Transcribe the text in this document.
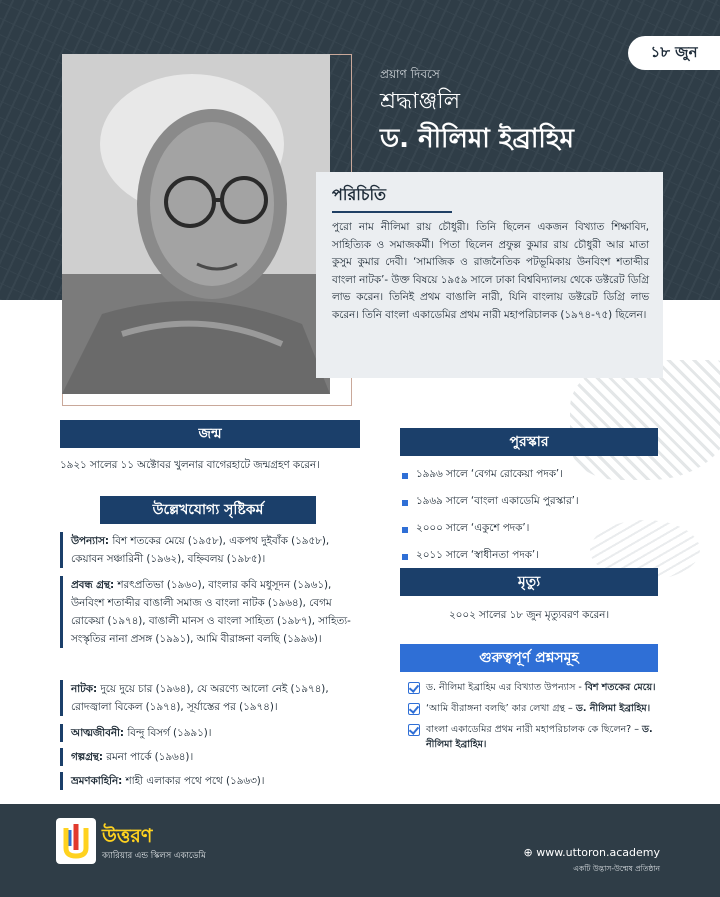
১৮ জুন
প্রয়াণ দিবসে
শ্রদ্ধাঞ্জলি
ড. নীলিমা ইব্রাহিম
পরিচিতি

পুরো নাম নীলিমা রায় চৌধুরী। তিনি ছিলেন একজন বিখ্যাত শিক্ষাবিদ, সাহিত্যিক ও সমাজকর্মী। পিতা ছিলেন প্রফুল্ল কুমার রায় চৌধুরী আর মাতা কুসুম কুমার দেবী। ‘সামাজিক ও রাজনৈতিক পটভূমিকায় উনবিংশ শতাব্দীর বাংলা নাটক’- উক্ত বিষয়ে ১৯৫৯ সালে ঢাকা বিশ্ববিদ্যালয় থেকে ডক্টরেট ডিগ্রি লাভ করেন। তিনিই প্রথম বাঙালি নারী, যিনি বাংলায় ডক্টরেট ডিগ্রি লাভ করেন। তিনি বাংলা একাডেমির প্রথম নারী মহাপরিচালক (১৯৭৪-৭৫) ছিলেন।

জন্ম
১৯২১ সালের ১১ অক্টোবর খুলনার বাগেরহাটে জন্মগ্রহণ করেন।
উল্লেখযোগ্য সৃষ্টিকর্ম
উপন্যাস: বিশ শতকের মেয়ে (১৯৫৮), একপথ দুইবাঁক (১৯৫৮), কেয়াবন সঞ্চারিনী (১৯৬২), বহ্নিবলয় (১৯৮৫)।
প্রবন্ধ গ্রন্থ: শরৎপ্রতিভা (১৯৬০), বাংলার কবি মধুসূদন (১৯৬১), উনবিংশ শতাব্দীর বাঙালী সমাজ ও বাংলা নাটক (১৯৬৪), বেগম রোকেয়া (১৯৭৪), বাঙালী মানস ও বাংলা সাহিত্য (১৯৮৭), সাহিত্য-সংস্কৃতির নানা প্রসঙ্গ (১৯৯১), আমি বীরাঙ্গনা বলছি (১৯৯৬)।
নাটক: দুয়ে দুয়ে চার (১৯৬৪), যে অরণ্যে আলো নেই (১৯৭৪), রোদজ্বালা বিকেল (১৯৭৪), সূর্যাস্তের পর (১৯৭৪)।
আত্মজীবনী: বিন্দু বিসর্গ (১৯৯১)।
গল্পগ্রন্থ: রমনা পার্কে (১৯৬৪)।
ভ্রমণকাহিনি: শাহী এলাকার পথে পথে (১৯৬৩)।
পুরস্কার
১৯৯৬ সালে ‘বেগম রোকেয়া পদক’।
১৯৬৯ সালে ‘বাংলা একাডেমি পুরস্কার’।
২০০০ সালে ‘একুশে পদক’।
২০১১ সালে ‘স্বাধীনতা পদক’।
মৃত্যু
২০০২ সালের ১৮ জুন মৃত্যুবরণ করেন।
গুরুত্বপূর্ণ প্রশ্নসমূহ
ড. নীলিমা ইব্রাহিম এর বিখ্যাত উপন্যাস - বিশ শতকের মেয়ে।
‘আমি বীরাঙ্গনা বলছি’ কার লেখা গ্রন্থ – ড. নীলিমা ইব্রাহিম।
বাংলা একাডেমির প্রথম নারী মহাপরিচালক কে ছিলেন? – ড. নীলিমা ইব্রাহিম।
উত্তরণ
ক্যারিয়ার এন্ড স্কিলস একাডেমি	⊕ www.uttoron.academy
একটি উদ্ভাস-উন্মেষ প্রতিষ্ঠান
